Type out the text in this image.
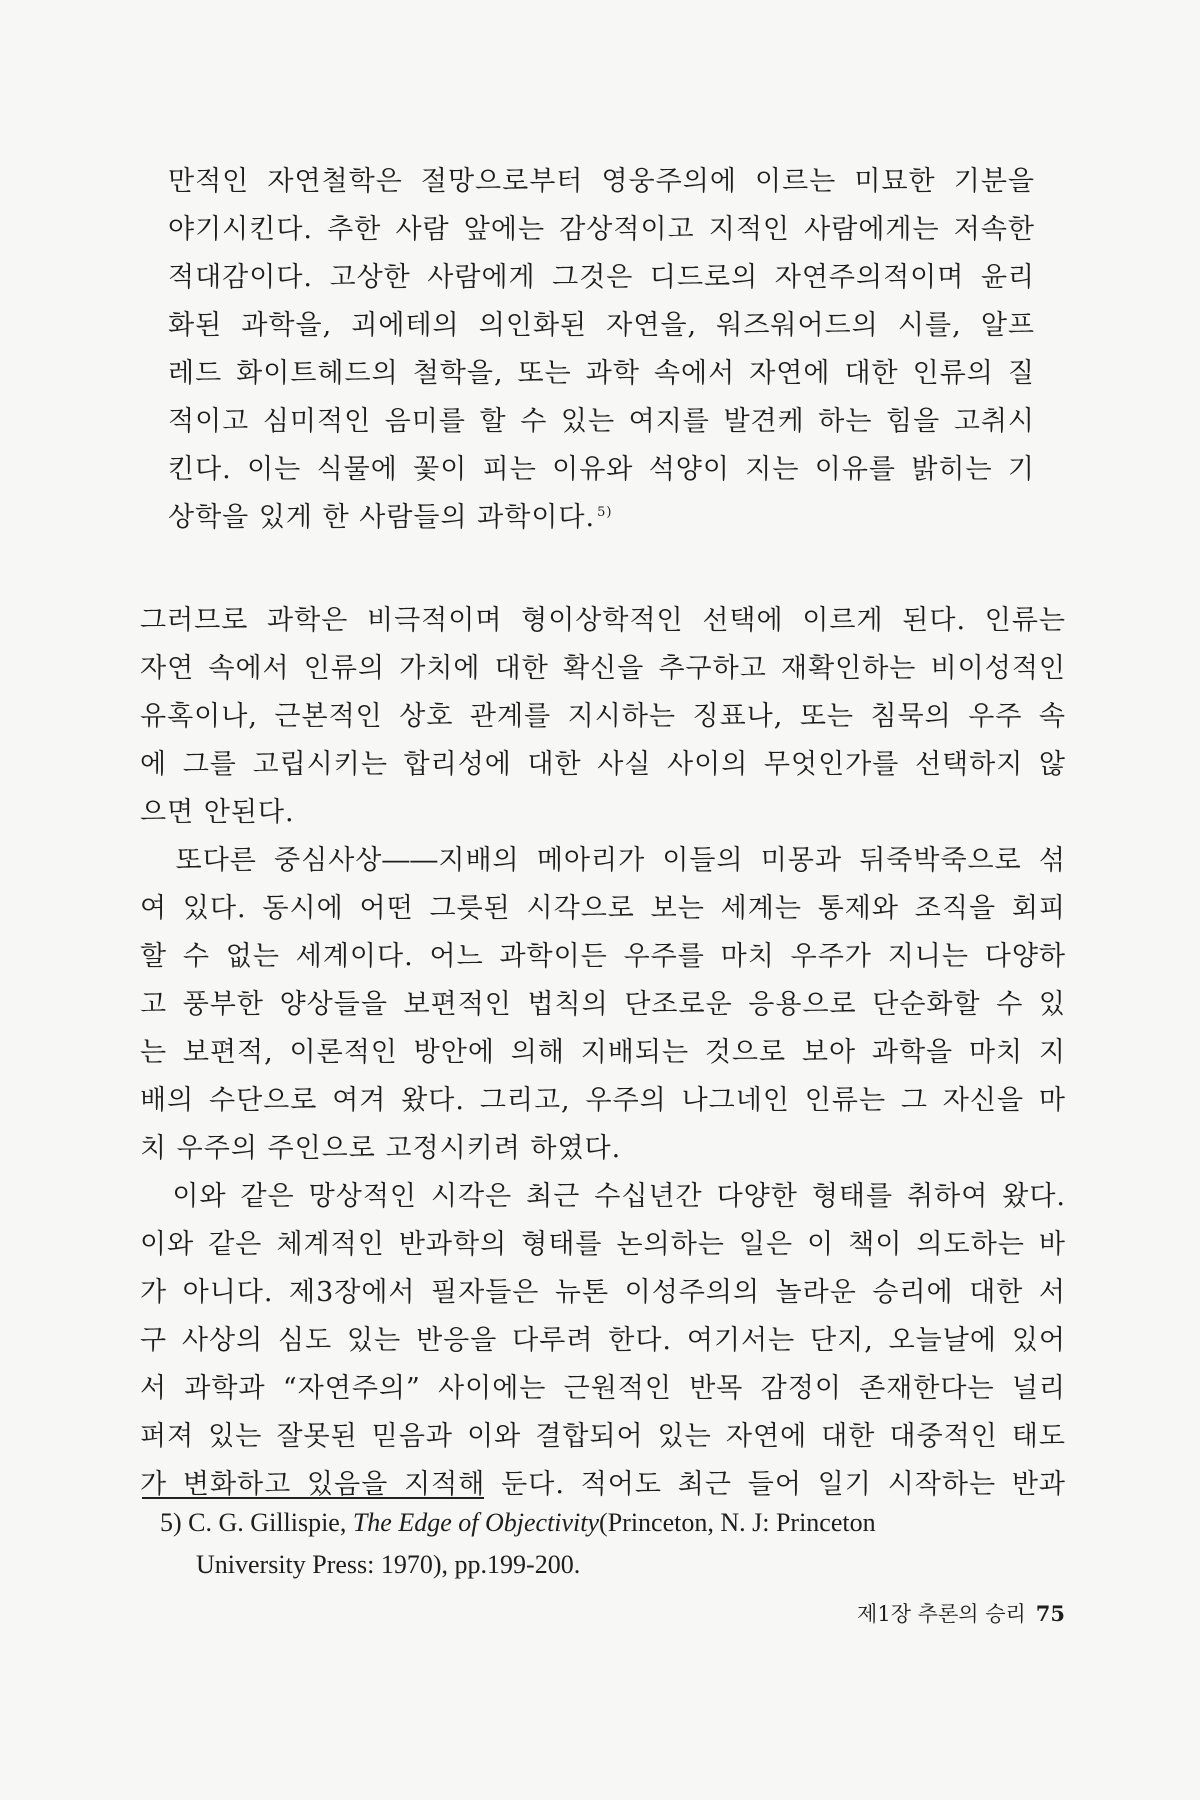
만적인 자연철학은 절망으로부터 영웅주의에 이르는 미묘한 기분을
야기시킨다. 추한 사람 앞에는 감상적이고 지적인 사람에게는 저속한
적대감이다. 고상한 사람에게 그것은 디드로의 자연주의적이며 윤리
화된 과학을, 괴에테의 의인화된 자연을, 워즈워어드의 시를, 알프
레드 화이트헤드의 철학을, 또는 과학 속에서 자연에 대한 인류의 질
적이고 심미적인 음미를 할 수 있는 여지를 발견케 하는 힘을 고취시
킨다. 이는 식물에 꽃이 피는 이유와 석양이 지는 이유를 밝히는 기
상학을 있게 한 사람들의 과학이다. $^{5)}$
그러므로 과학은 비극적이며 형이상학적인 선택에 이르게 된다. 인류는
자연 속에서 인류의 가치에 대한 확신을 추구하고 재확인하는 비이성적인
유혹이나, 근본적인 상호 관계를 지시하는 징표나, 또는 침묵의 우주 속
에 그를 고립시키는 합리성에 대한 사실 사이의 무엇인가를 선택하지 않
으면 안된다.
　또다른 중심사상――지배의 메아리가 이들의 미몽과 뒤죽박죽으로 섞
여 있다. 동시에 어떤 그릇된 시각으로 보는 세계는 통제와 조직을 회피
할 수 없는 세계이다. 어느 과학이든 우주를 마치 우주가 지니는 다양하
고 풍부한 양상들을 보편적인 법칙의 단조로운 응용으로 단순화할 수 있
는 보편적, 이론적인 방안에 의해 지배되는 것으로 보아 과학을 마치 지
배의 수단으로 여겨 왔다. 그리고, 우주의 나그네인 인류는 그 자신을 마
치 우주의 주인으로 고정시키려 하였다.
　이와 같은 망상적인 시각은 최근 수십년간 다양한 형태를 취하여 왔다.
이와 같은 체계적인 반과학의 형태를 논의하는 일은 이 책이 의도하는 바
가 아니다. 제3장에서 필자들은 뉴톤 이성주의의 놀라운 승리에 대한 서
구 사상의 심도 있는 반응을 다루려 한다. 여기서는 단지, 오늘날에 있어
서 과학과 “자연주의” 사이에는 근원적인 반목 감정이 존재한다는 널리
퍼져 있는 잘못된 믿음과 이와 결합되어 있는 자연에 대한 대중적인 태도
가 변화하고 있음을 지적해 둔다. 적어도 최근 들어 일기 시작하는 반과
5) C. G. Gillispie, The Edge of Objectivity(Princeton, N. J: Princeton
University Press: 1970), pp.199-200.
제1장 추론의 승리 75
